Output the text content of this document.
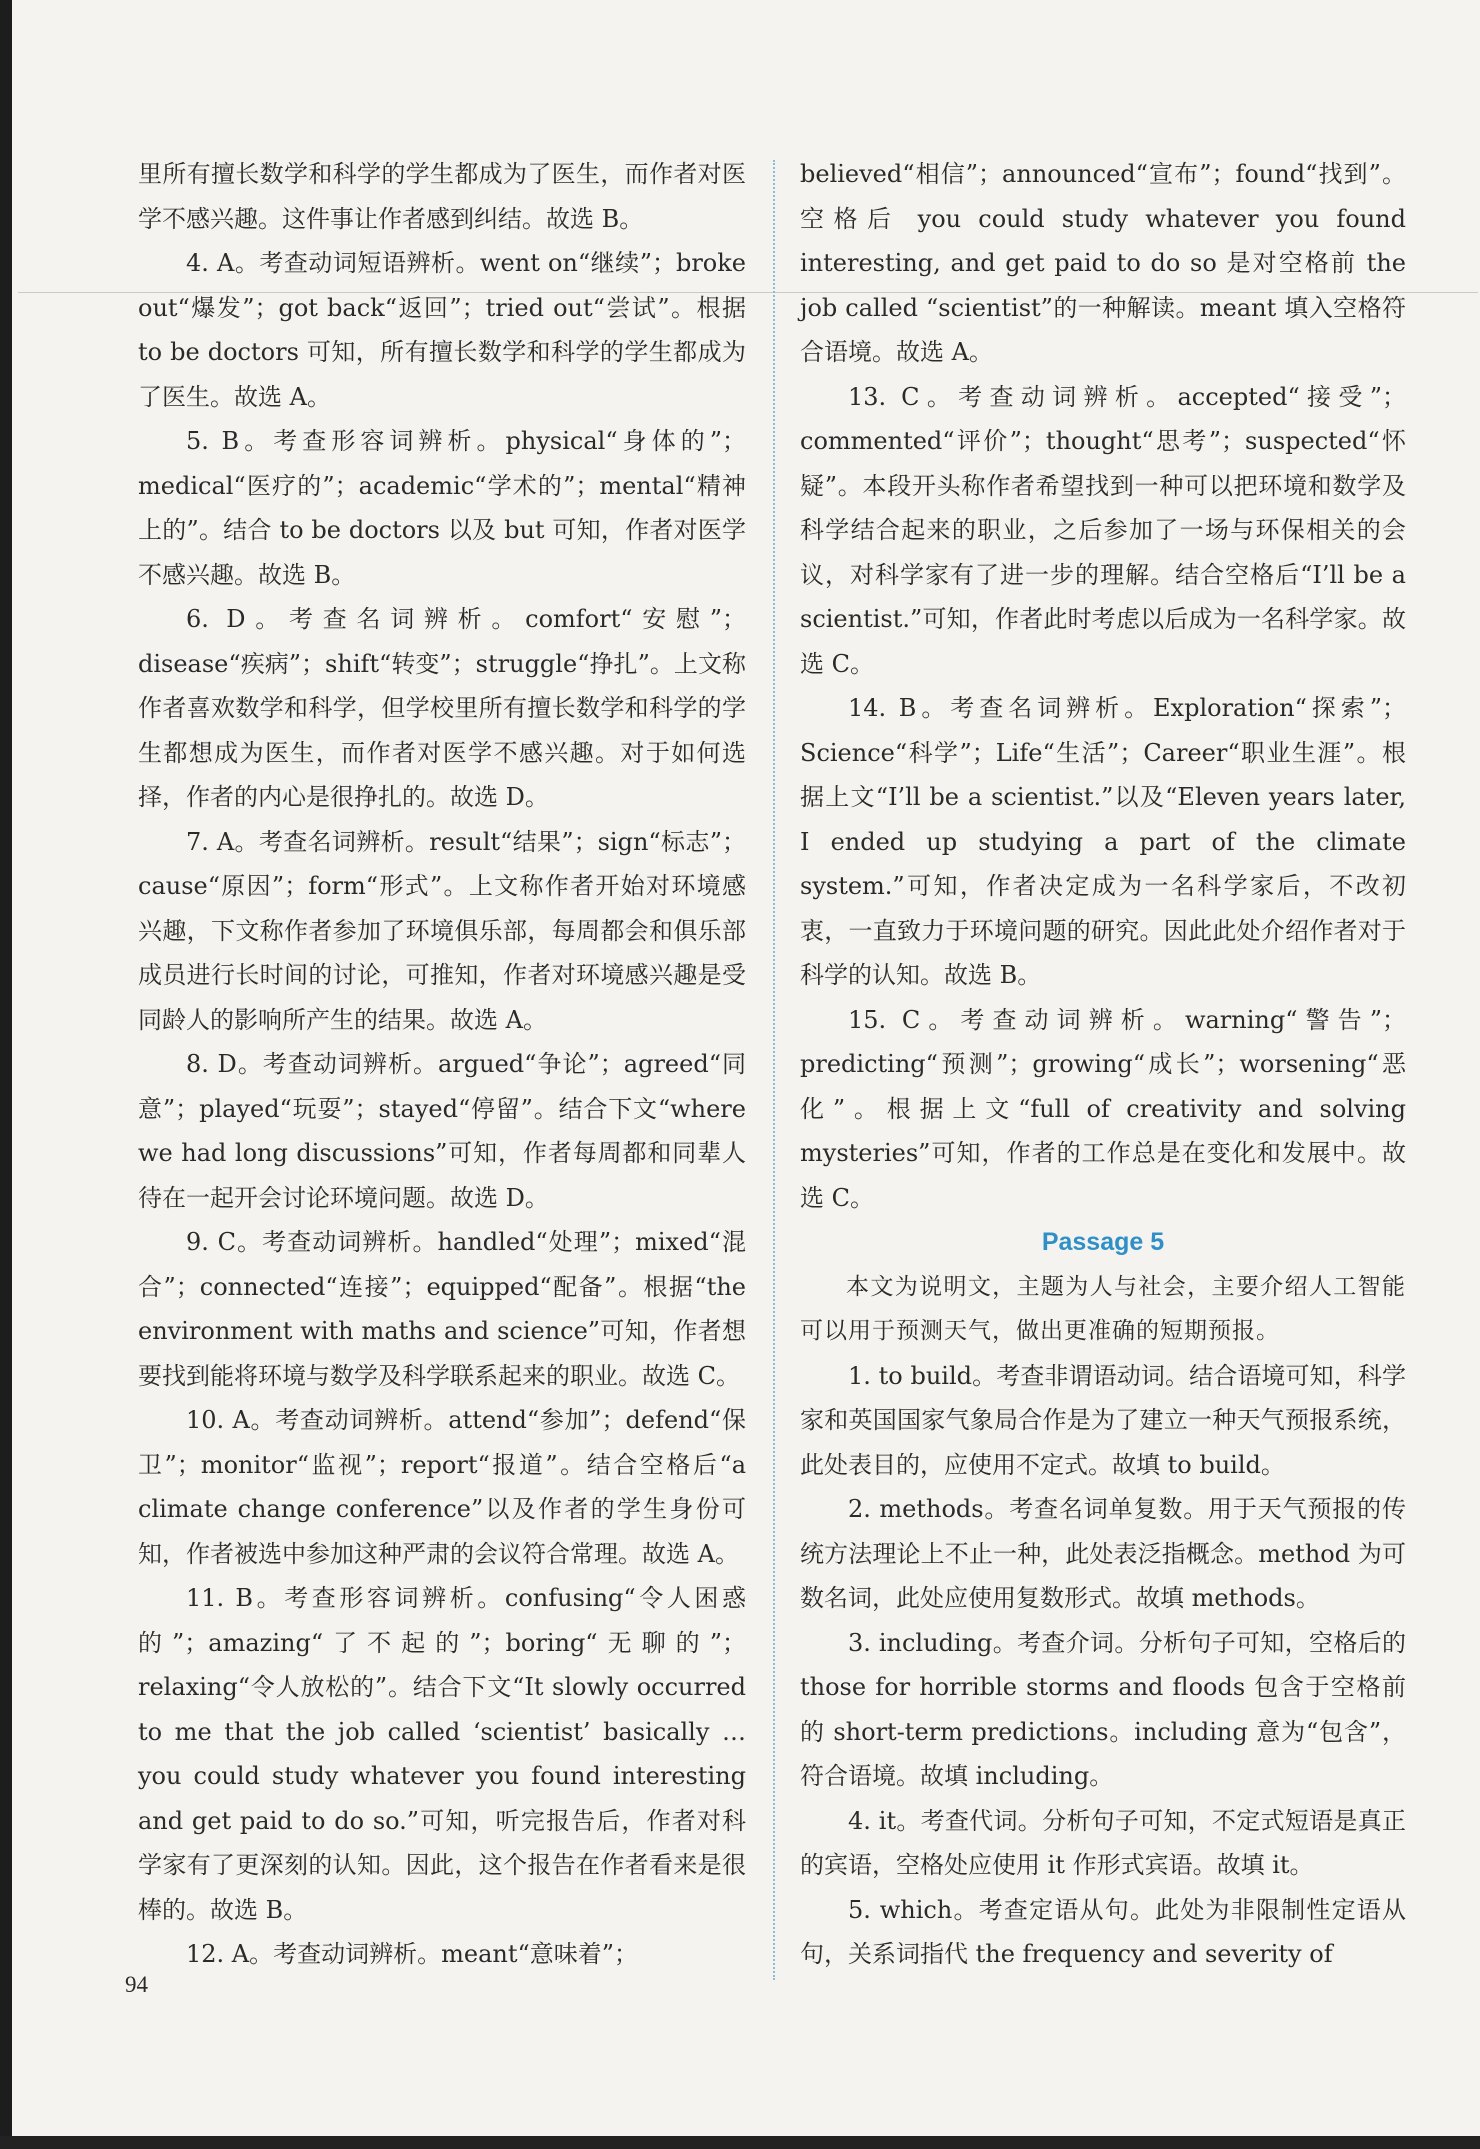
里所有擅长数学和科学的学生都成为了医生，而作者对医学不感兴趣。这件事让作者感到纠结。故选 B。

4. A。考查动词短语辨析。went on“继续”；broke out“爆发”；got back“返回”；tried out“尝试”。根据 to be doctors 可知，所有擅长数学和科学的学生都成为了医生。故选 A。

5. B。考查形容词辨析。physical“身体的”；medical“医疗的”；academic“学术的”；mental“精神上的”。结合 to be doctors 以及 but 可知，作者对医学不感兴趣。故选 B。

6. D。考查名词辨析。comfort“安慰”；disease“疾病”；shift“转变”；struggle“挣扎”。上文称作者喜欢数学和科学，但学校里所有擅长数学和科学的学生都想成为医生，而作者对医学不感兴趣。对于如何选择，作者的内心是很挣扎的。故选 D。

7. A。考查名词辨析。result“结果”；sign“标志”；cause“原因”；form“形式”。上文称作者开始对环境感兴趣，下文称作者参加了环境俱乐部，每周都会和俱乐部成员进行长时间的讨论，可推知，作者对环境感兴趣是受同龄人的影响所产生的结果。故选 A。

8. D。考查动词辨析。argued“争论”；agreed“同意”；played“玩耍”；stayed“停留”。结合下文“where we had long discussions”可知，作者每周都和同辈人待在一起开会讨论环境问题。故选 D。

9. C。考查动词辨析。handled“处理”；mixed“混合”；connected“连接”；equipped“配备”。根据“the environment with maths and science”可知，作者想要找到能将环境与数学及科学联系起来的职业。故选 C。

10. A。考查动词辨析。attend“参加”；defend“保卫”；monitor“监视”；report“报道”。结合空格后“a climate change conference”以及作者的学生身份可知，作者被选中参加这种严肃的会议符合常理。故选 A。

11. B。考查形容词辨析。confusing“令人困惑的”；amazing“了不起的”；boring“无聊的”；relaxing“令人放松的”。结合下文“It slowly occurred to me that the job called ‘scientist’ basically … you could study whatever you found interesting and get paid to do so.”可知，听完报告后，作者对科学家有了更深刻的认知。因此，这个报告在作者看来是很棒的。故选 B。

12. A。考查动词辨析。meant“意味着”；

believed“相信”；announced“宣布”；found“找到”。空格后 you could study whatever you found interesting, and get paid to do so 是对空格前 the job called “scientist”的一种解读。meant 填入空格符合语境。故选 A。

13. C。考查动词辨析。accepted“接受”；commented“评价”；thought“思考”；suspected“怀疑”。本段开头称作者希望找到一种可以把环境和数学及科学结合起来的职业，之后参加了一场与环保相关的会议，对科学家有了进一步的理解。结合空格后“I’ll be a scientist.”可知，作者此时考虑以后成为一名科学家。故选 C。

14. B。考查名词辨析。Exploration“探索”；Science“科学”；Life“生活”；Career“职业生涯”。根据上文“I’ll be a scientist.”以及“Eleven years later, I ended up studying a part of the climate system.”可知，作者决定成为一名科学家后，不改初衷，一直致力于环境问题的研究。因此此处介绍作者对于科学的认知。故选 B。

15. C。考查动词辨析。warning“警告”；predicting“预测”；growing“成长”；worsening“恶化”。根据上文“full of creativity and solving mysteries”可知，作者的工作总是在变化和发展中。故选 C。

Passage 5

本文为说明文，主题为人与社会，主要介绍人工智能可以用于预测天气，做出更准确的短期预报。

1. to build。考查非谓语动词。结合语境可知，科学家和英国国家气象局合作是为了建立一种天气预报系统，此处表目的，应使用不定式。故填 to build。

2. methods。考查名词单复数。用于天气预报的传统方法理论上不止一种，此处表泛指概念。method 为可数名词，此处应使用复数形式。故填 methods。

3. including。考查介词。分析句子可知，空格后的 those for horrible storms and floods 包含于空格前的 short-term predictions。including 意为“包含”，符合语境。故填 including。

4. it。考查代词。分析句子可知，不定式短语是真正的宾语，空格处应使用 it 作形式宾语。故填 it。

5. which。考查定语从句。此处为非限制性定语从句，关系词指代 the frequency and severity of

94
